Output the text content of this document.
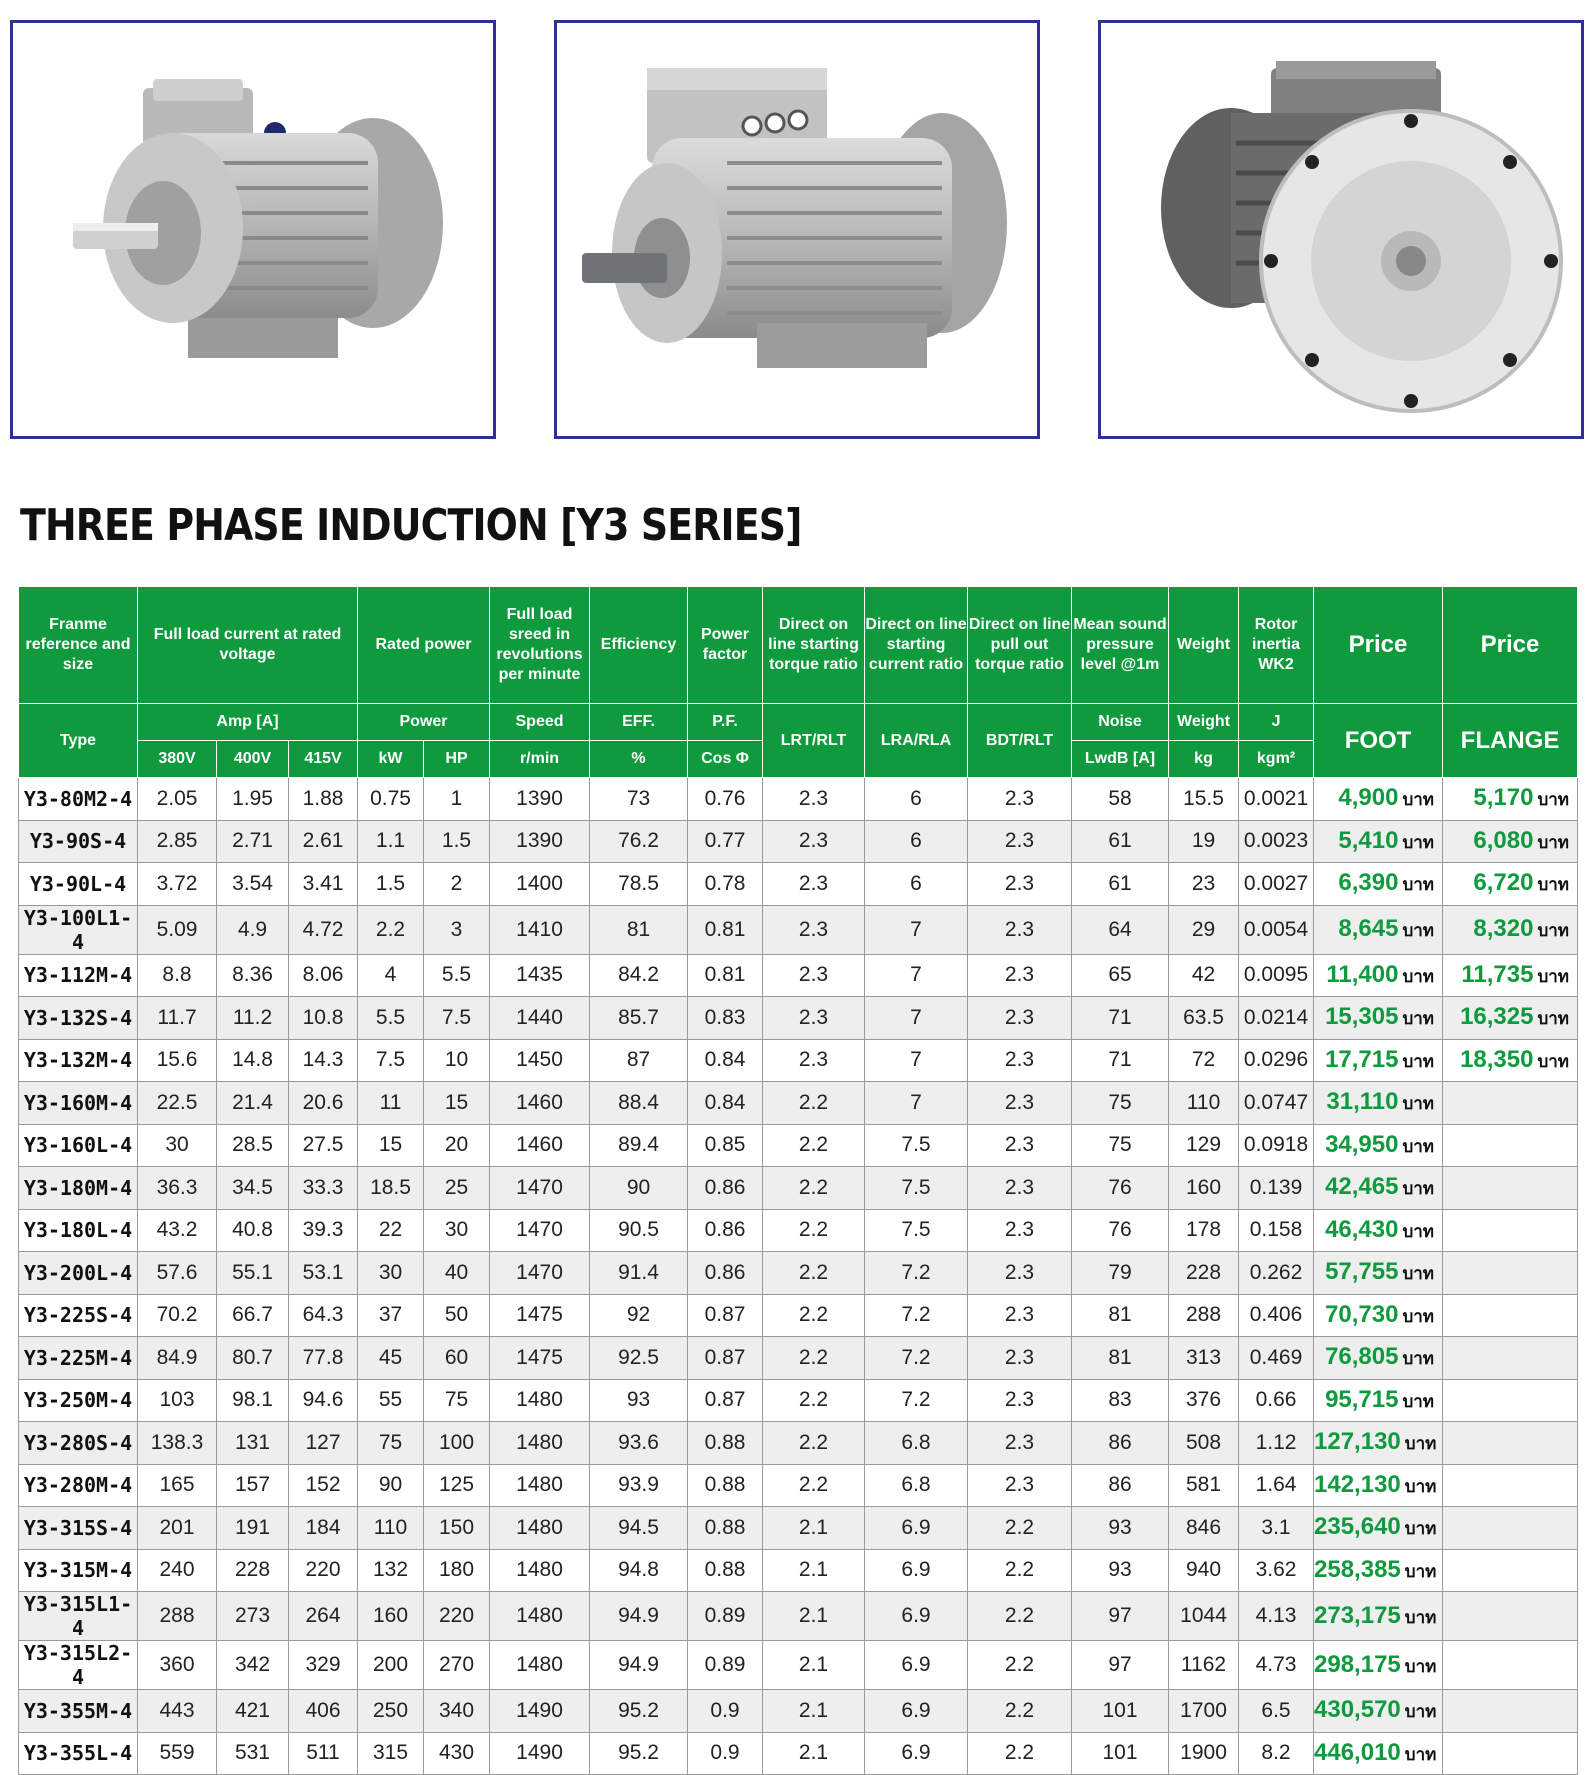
THREE PHASE INDUCTION [Y3 SERIES]
Franme reference and size	Full load current at rated voltage			Rated power		Full load sreed in revolutions per minute	Efficiency	Power factor	Direct on line starting torque ratio	Direct on line starting current ratio	Direct on line pull out torque ratio	Mean sound pressure level @1m	Weight	Rotor inertia WK2	Price	Price
Type	Amp [A]			Power		Speed	EFF.	P.F.	LRT/RLT	LRA/RLA	BDT/RLT	Noise	Weight	J	FOOT	FLANGE
	380V	400V	415V	kW	HP	r/min	%	Cos Φ				LwdB [A]	kg	kgm²		
Y3-80M2-4	2.05	1.95	1.88	0.75	1	1390	73	0.76	2.3	6	2.3	58	15.5	0.0021	4,900 บาท	5,170 บาท
Y3-90S-4	2.85	2.71	2.61	1.1	1.5	1390	76.2	0.77	2.3	6	2.3	61	19	0.0023	5,410 บาท	6,080 บาท
Y3-90L-4	3.72	3.54	3.41	1.5	2	1400	78.5	0.78	2.3	6	2.3	61	23	0.0027	6,390 บาท	6,720 บาท
Y3-100L1-4	5.09	4.9	4.72	2.2	3	1410	81	0.81	2.3	7	2.3	64	29	0.0054	8,645 บาท	8,320 บาท
Y3-112M-4	8.8	8.36	8.06	4	5.5	1435	84.2	0.81	2.3	7	2.3	65	42	0.0095	11,400 บาท	11,735 บาท
Y3-132S-4	11.7	11.2	10.8	5.5	7.5	1440	85.7	0.83	2.3	7	2.3	71	63.5	0.0214	15,305 บาท	16,325 บาท
Y3-132M-4	15.6	14.8	14.3	7.5	10	1450	87	0.84	2.3	7	2.3	71	72	0.0296	17,715 บาท	18,350 บาท
Y3-160M-4	22.5	21.4	20.6	11	15	1460	88.4	0.84	2.2	7	2.3	75	110	0.0747	31,110 บาท	
Y3-160L-4	30	28.5	27.5	15	20	1460	89.4	0.85	2.2	7.5	2.3	75	129	0.0918	34,950 บาท	
Y3-180M-4	36.3	34.5	33.3	18.5	25	1470	90	0.86	2.2	7.5	2.3	76	160	0.139	42,465 บาท	
Y3-180L-4	43.2	40.8	39.3	22	30	1470	90.5	0.86	2.2	7.5	2.3	76	178	0.158	46,430 บาท	
Y3-200L-4	57.6	55.1	53.1	30	40	1470	91.4	0.86	2.2	7.2	2.3	79	228	0.262	57,755 บาท	
Y3-225S-4	70.2	66.7	64.3	37	50	1475	92	0.87	2.2	7.2	2.3	81	288	0.406	70,730 บาท	
Y3-225M-4	84.9	80.7	77.8	45	60	1475	92.5	0.87	2.2	7.2	2.3	81	313	0.469	76,805 บาท	
Y3-250M-4	103	98.1	94.6	55	75	1480	93	0.87	2.2	7.2	2.3	83	376	0.66	95,715 บาท	
Y3-280S-4	138.3	131	127	75	100	1480	93.6	0.88	2.2	6.8	2.3	86	508	1.12	127,130 บาท	
Y3-280M-4	165	157	152	90	125	1480	93.9	0.88	2.2	6.8	2.3	86	581	1.64	142,130 บาท	
Y3-315S-4	201	191	184	110	150	1480	94.5	0.88	2.1	6.9	2.2	93	846	3.1	235,640 บาท	
Y3-315M-4	240	228	220	132	180	1480	94.8	0.88	2.1	6.9	2.2	93	940	3.62	258,385 บาท	
Y3-315L1-4	288	273	264	160	220	1480	94.9	0.89	2.1	6.9	2.2	97	1044	4.13	273,175 บาท	
Y3-315L2-4	360	342	329	200	270	1480	94.9	0.89	2.1	6.9	2.2	97	1162	4.73	298,175 บาท	
Y3-355M-4	443	421	406	250	340	1490	95.2	0.9	2.1	6.9	2.2	101	1700	6.5	430,570 บาท	
Y3-355L-4	559	531	511	315	430	1490	95.2	0.9	2.1	6.9	2.2	101	1900	8.2	446,010 บาท	
